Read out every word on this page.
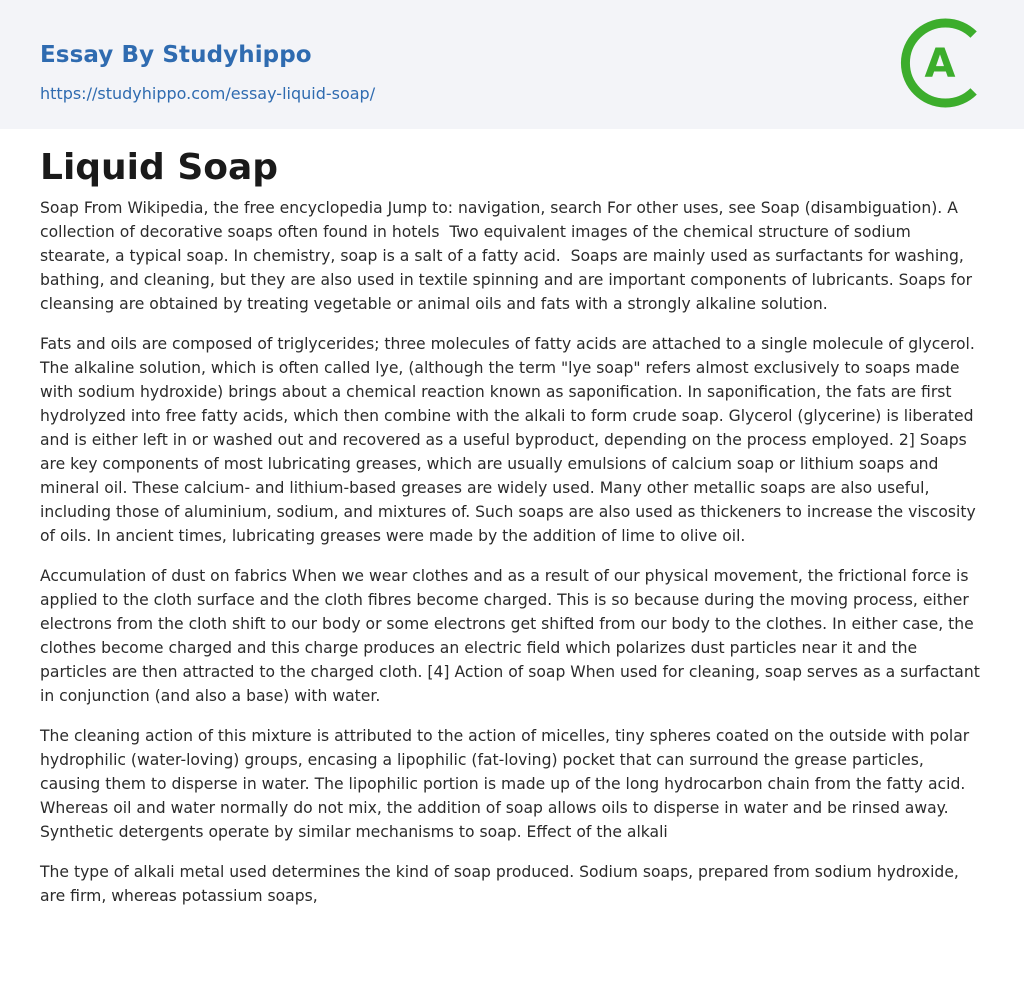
Essay By Studyhippo
https://studyhippo.com/essay-liquid-soap/
A
Liquid Soap

Soap From Wikipedia, the free encyclopedia Jump to: navigation, search For other uses, see Soap (disambiguation). A collection of decorative soaps often found in hotels  Two equivalent images of the chemical structure of sodium stearate, a typical soap. In chemistry, soap is a salt of a fatty acid.  Soaps are mainly used as surfactants for washing, bathing, and cleaning, but they are also used in textile spinning and are important components of lubricants. Soaps for cleansing are obtained by treating vegetable or animal oils and fats with a strongly alkaline solution.

Fats and oils are composed of triglycerides; three molecules of fatty acids are attached to a single molecule of glycerol. The alkaline solution, which is often called lye, (although the term "lye soap" refers almost exclusively to soaps made with sodium hydroxide) brings about a chemical reaction known as saponification. In saponification, the fats are first hydrolyzed into free fatty acids, which then combine with the alkali to form crude soap. Glycerol (glycerine) is liberated and is either left in or washed out and recovered as a useful byproduct, depending on the process employed. 2] Soaps are key components of most lubricating greases, which are usually emulsions of calcium soap or lithium soaps and mineral oil. These calcium- and lithium-based greases are widely used. Many other metallic soaps are also useful, including those of aluminium, sodium, and mixtures of. Such soaps are also used as thickeners to increase the viscosity of oils. In ancient times, lubricating greases were made by the addition of lime to olive oil.

Accumulation of dust on fabrics When we wear clothes and as a result of our physical movement, the frictional force is applied to the cloth surface and the cloth fibres become charged. This is so because during the moving process, either electrons from the cloth shift to our body or some electrons get shifted from our body to the clothes. In either case, the clothes become charged and this charge produces an electric field which polarizes dust particles near it and the particles are then attracted to the charged cloth. [4] Action of soap When used for cleaning, soap serves as a surfactant in conjunction (and also a base) with water.

The cleaning action of this mixture is attributed to the action of micelles, tiny spheres coated on the outside with polar hydrophilic (water-loving) groups, encasing a lipophilic (fat-loving) pocket that can surround the grease particles, causing them to disperse in water. The lipophilic portion is made up of the long hydrocarbon chain from the fatty acid. Whereas oil and water normally do not mix, the addition of soap allows oils to disperse in water and be rinsed away. Synthetic detergents operate by similar mechanisms to soap. Effect of the alkali

The type of alkali metal used determines the kind of soap produced. Sodium soaps, prepared from sodium hydroxide, are firm, whereas potassium soaps,
